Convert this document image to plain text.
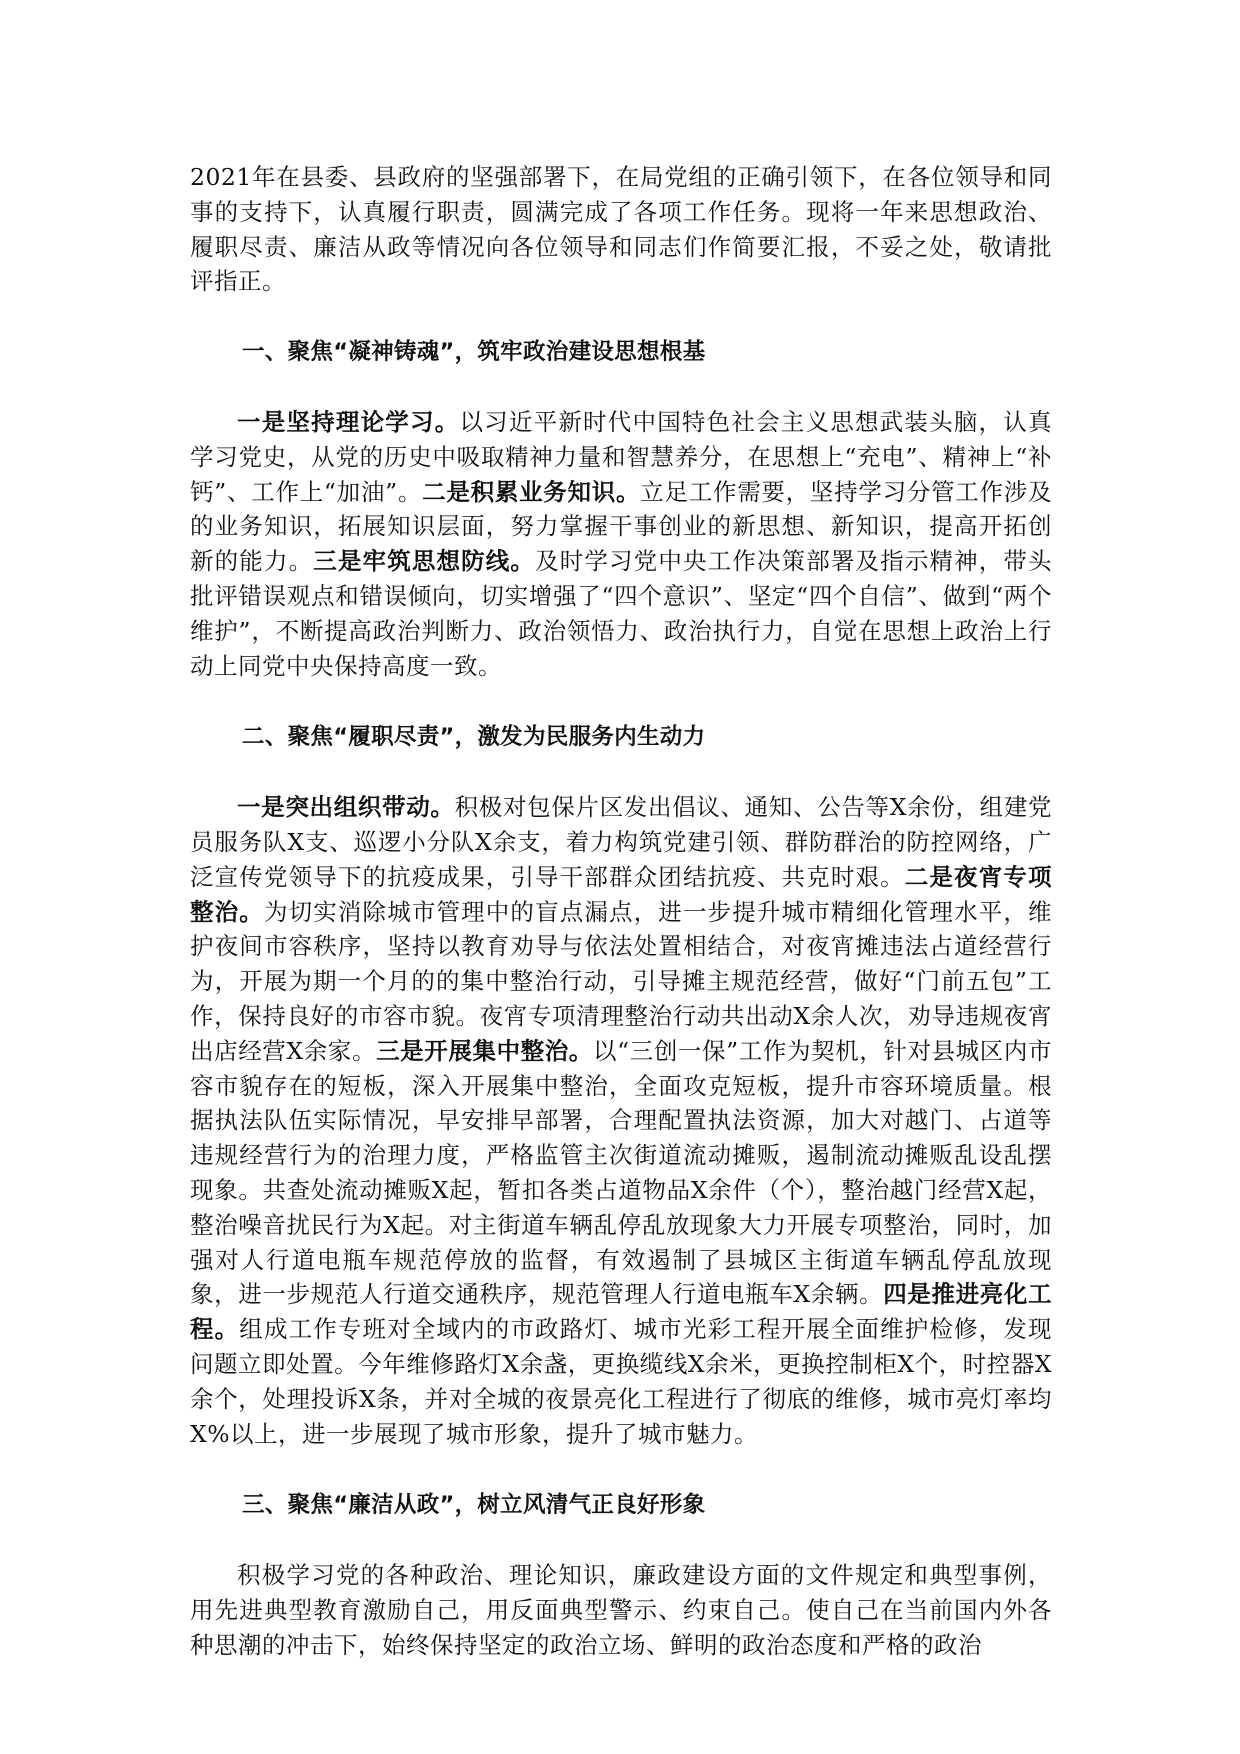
2021年在县委、县政府的坚强部署下，在局党组的正确引领下，在各位领导和同事的支持下，认真履行职责，圆满完成了各项工作任务。现将一年来思想政治、履职尽责、廉洁从政等情况向各位领导和同志们作简要汇报，不妥之处，敬请批评指正。

一、聚焦“凝神铸魂”，筑牢政治建设思想根基

一是坚持理论学习。以习近平新时代中国特色社会主义思想武装头脑，认真学习党史，从党的历史中吸取精神力量和智慧养分，在思想上“充电”、精神上“补钙”、工作上“加油”。二是积累业务知识。立足工作需要，坚持学习分管工作涉及的业务知识，拓展知识层面，努力掌握干事创业的新思想、新知识，提高开拓创新的能力。三是牢筑思想防线。及时学习党中央工作决策部署及指示精神，带头批评错误观点和错误倾向，切实增强了“四个意识”、坚定“四个自信”、做到“两个维护”，不断提高政治判断力、政治领悟力、政治执行力，自觉在思想上政治上行动上同党中央保持高度一致。

二、聚焦“履职尽责”，激发为民服务内生动力

一是突出组织带动。积极对包保片区发出倡议、通知、公告等X余份，组建党员服务队X支、巡逻小分队X余支，着力构筑党建引领、群防群治的防控网络，广泛宣传党领导下的抗疫成果，引导干部群众团结抗疫、共克时艰。二是夜宵专项整治。为切实消除城市管理中的盲点漏点，进一步提升城市精细化管理水平，维护夜间市容秩序，坚持以教育劝导与依法处置相结合，对夜宵摊违法占道经营行为，开展为期一个月的的集中整治行动，引导摊主规范经营，做好“门前五包”工作，保持良好的市容市貌。夜宵专项清理整治行动共出动X余人次，劝导违规夜宵出店经营X余家。三是开展集中整治。以“三创一保”工作为契机，针对县城区内市容市貌存在的短板，深入开展集中整治，全面攻克短板，提升市容环境质量。根据执法队伍实际情况，早安排早部署，合理配置执法资源，加大对越门、占道等违规经营行为的治理力度，严格监管主次街道流动摊贩，遏制流动摊贩乱设乱摆现象。共查处流动摊贩X起，暂扣各类占道物品X余件（个），整治越门经营X起，整治噪音扰民行为X起。对主街道车辆乱停乱放现象大力开展专项整治，同时，加强对人行道电瓶车规范停放的监督，有效遏制了县城区主街道车辆乱停乱放现象，进一步规范人行道交通秩序，规范管理人行道电瓶车X余辆。四是推进亮化工程。组成工作专班对全域内的市政路灯、城市光彩工程开展全面维护检修，发现问题立即处置。今年维修路灯X余盏，更换缆线X余米，更换控制柜X个，时控器X余个，处理投诉X条，并对全城的夜景亮化工程进行了彻底的维修，城市亮灯率均X%以上，进一步展现了城市形象，提升了城市魅力。

三、聚焦“廉洁从政”，树立风清气正良好形象

积极学习党的各种政治、理论知识，廉政建设方面的文件规定和典型事例，用先进典型教育激励自己，用反面典型警示、约束自己。使自己在当前国内外各种思潮的冲击下，始终保持坚定的政治立场、鲜明的政治态度和严格的政治
